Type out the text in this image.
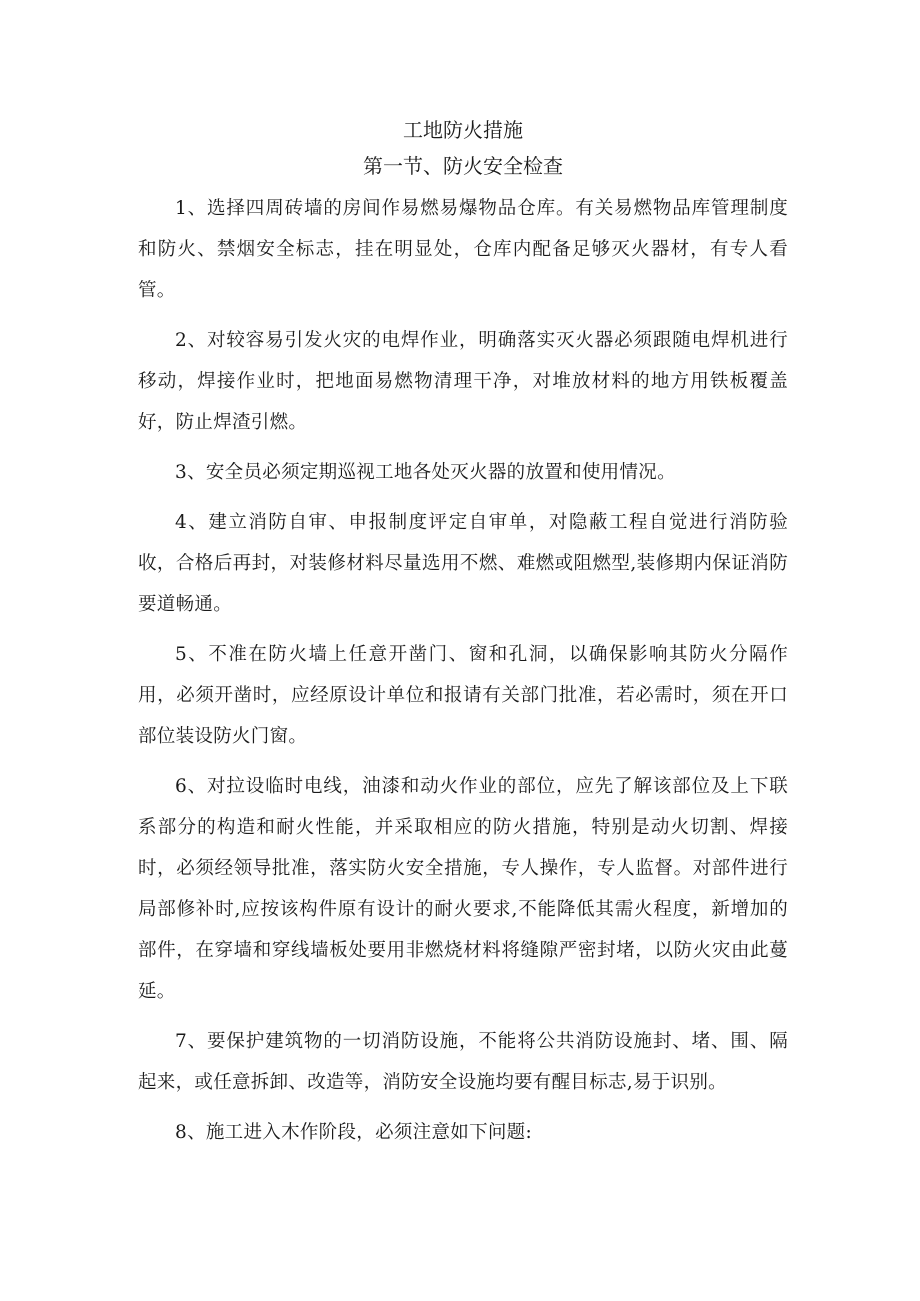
工地防火措施
第一节、防火安全检查

1、选择四周砖墙的房间作易燃易爆物品仓库。有关易燃物品库管理制度和防火、禁烟安全标志，挂在明显处，仓库内配备足够灭火器材，有专人看管。

2、对较容易引发火灾的电焊作业，明确落实灭火器必须跟随电焊机进行移动，焊接作业时，把地面易燃物清理干净，对堆放材料的地方用铁板覆盖好，防止焊渣引燃。

3、安全员必须定期巡视工地各处灭火器的放置和使用情况。

4、建立消防自审、申报制度评定自审单，对隐蔽工程自觉进行消防验收，合格后再封，对装修材料尽量选用不燃、难燃或阻燃型,装修期内保证消防要道畅通。

5、不准在防火墙上任意开凿门、窗和孔洞，以确保影响其防火分隔作用，必须开凿时，应经原设计单位和报请有关部门批准，若必需时，须在开口部位装设防火门窗。

6、对拉设临时电线，油漆和动火作业的部位，应先了解该部位及上下联系部分的构造和耐火性能，并采取相应的防火措施，特别是动火切割、焊接时，必须经领导批准，落实防火安全措施，专人操作，专人监督。对部件进行局部修补时,应按该构件原有设计的耐火要求,不能降低其需火程度，新增加的部件，在穿墙和穿线墙板处要用非燃烧材料将缝隙严密封堵，以防火灾由此蔓延。

7、要保护建筑物的一切消防设施，不能将公共消防设施封、堵、围、隔起来，或任意拆卸、改造等，消防安全设施均要有醒目标志,易于识别。

8、施工进入木作阶段，必须注意如下问题:
